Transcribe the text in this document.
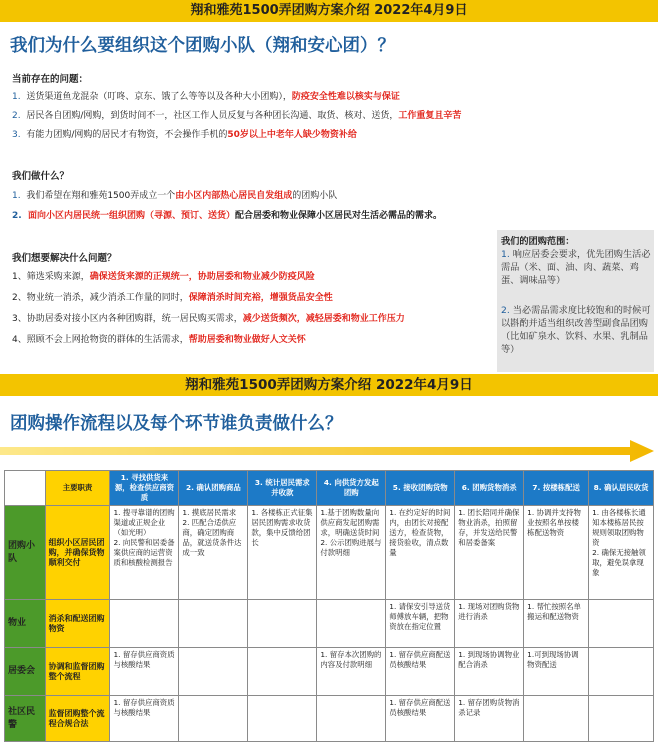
翔和雅苑1500弄团购方案介绍 2022年4月9日
我们为什么要组织这个团购小队（翔和安心团）？
当前存在的问题：
1. 送货渠道鱼龙混杂（叮咚、京东、饿了么等等以及各种大小团购），防疫安全性难以核实与保证
2. 居民各自团购/网购，到货时间不一，社区工作人员反复与各种团长沟通、取货、核对、送货，工作重复且辛苦
3. 有能力团购/网购的居民才有物资，不会操作手机的50岁以上中老年人缺少物资补给
我们做什么？
1. 我们希望在翔和雅苑1500弄成立一个由小区内部热心居民自发组成的团购小队
2. 面向小区内居民统一组织团购（寻源、预订、送货）配合居委和物业保障小区居民对生活必需品的需求。
我们想要解决什么问题？
1、筛选采购来源，确保送货来源的正规统一，协助居委和物业减少防疫风险
2、物业统一消杀，减少消杀工作量的同时，保障消杀时间充裕，增强货品安全性
3、协助居委对接小区内各种团购群，统一居民购买需求，减少送货频次，减轻居委和物业工作压力
4、照顾不会上网抢物资的群体的生活需求，帮助居委和物业做好人文关怀
我们的团购范围：
1. 响应居委会要求，优先团购生活必需品（米、面、油、肉、蔬菜、鸡蛋、调味品等）
2. 当必需品需求度比较饱和的时候可以斟酌并适当组织改善型副食品团购（比如矿泉水、饮料、水果、乳制品等）
翔和雅苑1500弄团购方案介绍 2022年4月9日
团购操作流程以及每个环节谁负责做什么？
	主要职责	1. 寻找供货来源，检查供应商资质	2. 确认团购商品	3. 统计居民需求并收款	4. 向供货方发起团购	5. 接收团购货物	6. 团购货物消杀	7. 按楼栋配送	8. 确认居民收货
团购小队	组织小区居民团购，并确保货物顺利交付	1. 搜寻靠谱的团购渠道或正规企业（如光明）
2. 向民警和居委备案供应商的运营资质和核酸检测报告	1. 摸底居民需求
2. 匹配合适供应商，确定团购商品，就送货条件达成一致	1. 各楼栋正式征集居民团购需求收货款，集中反馈给团长	1.基于团购数量向供应商发起团购需求，明确送货时间
2. 公示团购进展与付款明细	1. 在约定好的时间内，由团长对接配送方，检查货物，接货验收，清点数量	1. 团长陪同并确保物业消杀，拍照留存，并发送给民警和居委备案	1. 协调并支持物业按照名单按楼栋配送物资	1. 由各楼栋长通知本楼栋居民按规则领取团购物资
2. 确保无接触领取，避免误拿现象
物业	消杀和配送团购物资					1. 请保安引导送货师傅放车辆，把物资放在指定位置	1. 现场对团购货物进行消杀	1. 帮忙按照名单搬运和配送物资	
居委会	协调和监督团购整个流程	1. 留存供应商资质与核酸结果			1. 留存本次团购的内容及付款明细	1. 留存供应商配送员核酸结果	1. 到现场协调物业配合消杀	1.可到现场协调物资配送	
社区民警	监督团购整个流程合规合法	1. 留存供应商资质与核酸结果				1. 留存供应商配送员核酸结果	1. 留存团购货物消杀记录		
